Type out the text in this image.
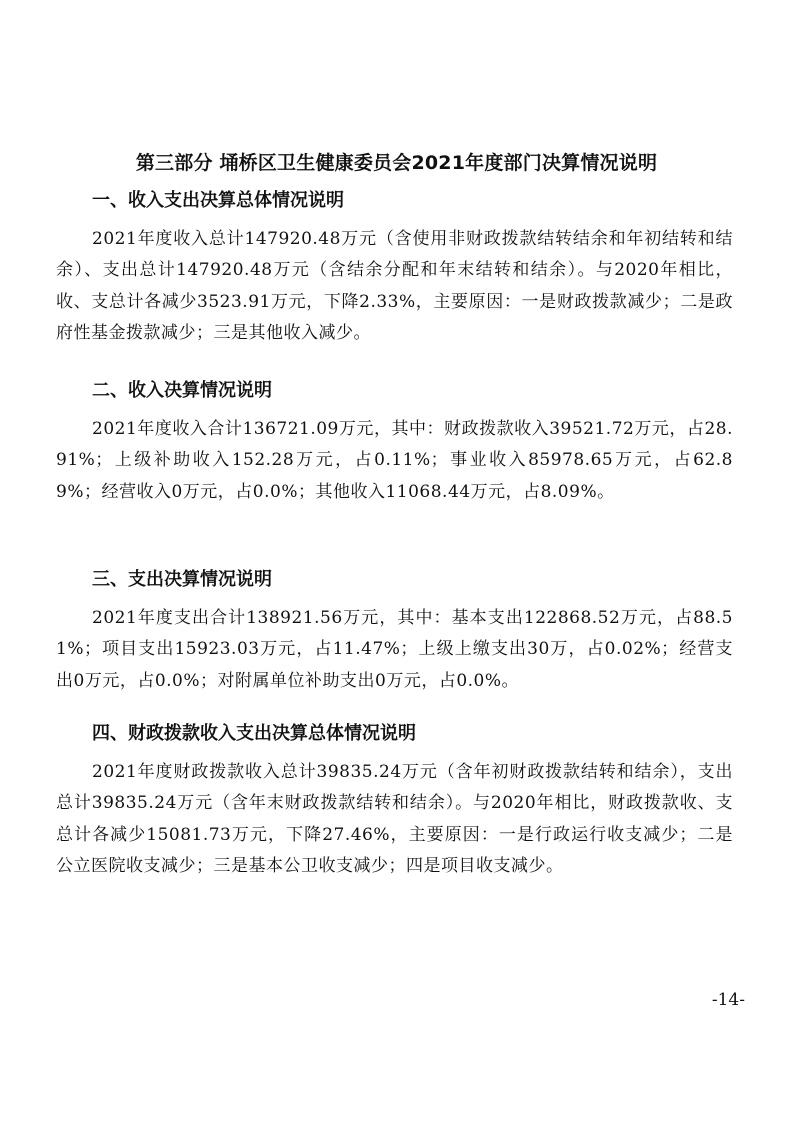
第三部分 埇桥区卫生健康委员会2021年度部门决算情况说明
一、收入支出决算总体情况说明
2021年度收入总计147920.48万元（含使用非财政拨款结转结余和年初结转和结余）、支出总计147920.48万元（含结余分配和年末结转和结余）。与2020年相比，收、支总计各减少3523.91万元，下降2.33%，主要原因：一是财政拨款减少；二是政府性基金拨款减少；三是其他收入减少。
二、收入决算情况说明
2021年度收入合计136721.09万元，其中：财政拨款收入39521.72万元，占28.91%；上级补助收入152.28万元，占0.11%；事业收入85978.65万元，占62.89%；经营收入0万元，占0.0%；其他收入11068.44万元，占8.09%。
三、支出决算情况说明
2021年度支出合计138921.56万元，其中：基本支出122868.52万元，占88.51%；项目支出15923.03万元，占11.47%；上级上缴支出30万，占0.02%；经营支出0万元，占0.0%；对附属单位补助支出0万元，占0.0%。
四、财政拨款收入支出决算总体情况说明
2021年度财政拨款收入总计39835.24万元（含年初财政拨款结转和结余），支出总计39835.24万元（含年末财政拨款结转和结余）。与2020年相比，财政拨款收、支总计各减少15081.73万元，下降27.46%，主要原因：一是行政运行收支减少；二是公立医院收支减少；三是基本公卫收支减少；四是项目收支减少。
-14-
